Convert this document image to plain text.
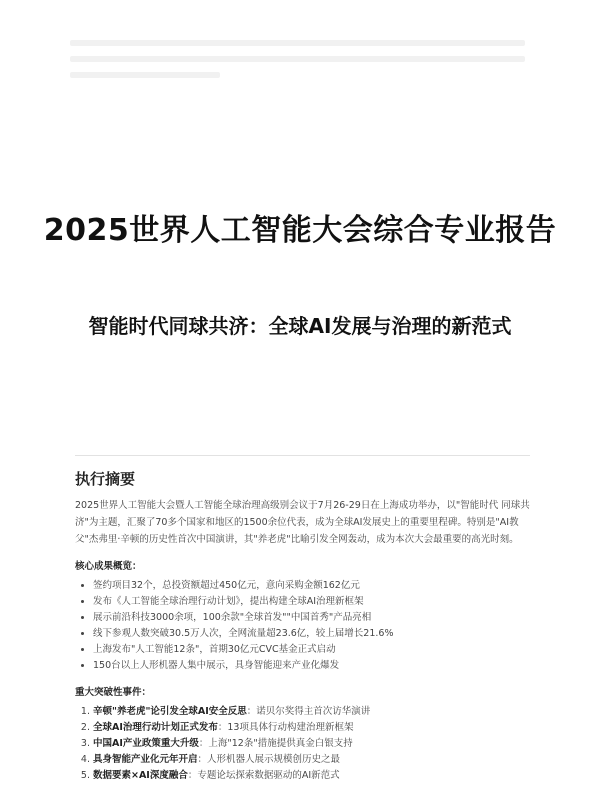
2025世界人工智能大会综合专业报告
智能时代同球共济：全球AI发展与治理的新范式
执行摘要

2025世界人工智能大会暨人工智能全球治理高级别会议于7月26-29日在上海成功举办，以"智能时代 同球共济"为主题，汇聚了70多个国家和地区的1500余位代表，成为全球AI发展史上的重要里程碑。特别是"AI教父"杰弗里·辛顿的历史性首次中国演讲，其"养老虎"比喻引发全网轰动，成为本次大会最重要的高光时刻。

核心成果概览：
• 签约项目32个，总投资额超过450亿元，意向采购金额162亿元
• 发布《人工智能全球治理行动计划》，提出构建全球AI治理新框架
• 展示前沿科技3000余项，100余款"全球首发""中国首秀"产品亮相
• 线下参观人数突破30.5万人次，全网流量超23.6亿，较上届增长21.6%
• 上海发布"人工智能12条"，首期30亿元CVC基金正式启动
• 150台以上人形机器人集中展示，具身智能迎来产业化爆发
重大突破性事件：
1. 辛顿"养老虎"论引发全球AI安全反思：诺贝尔奖得主首次访华演讲
2. 全球AI治理行动计划正式发布：13项具体行动构建治理新框架
3. 中国AI产业政策重大升级：上海"12条"措施提供真金白银支持
4. 具身智能产业化元年开启：人形机器人展示规模创历史之最
5. 数据要素×AI深度融合：专题论坛探索数据驱动的AI新范式
